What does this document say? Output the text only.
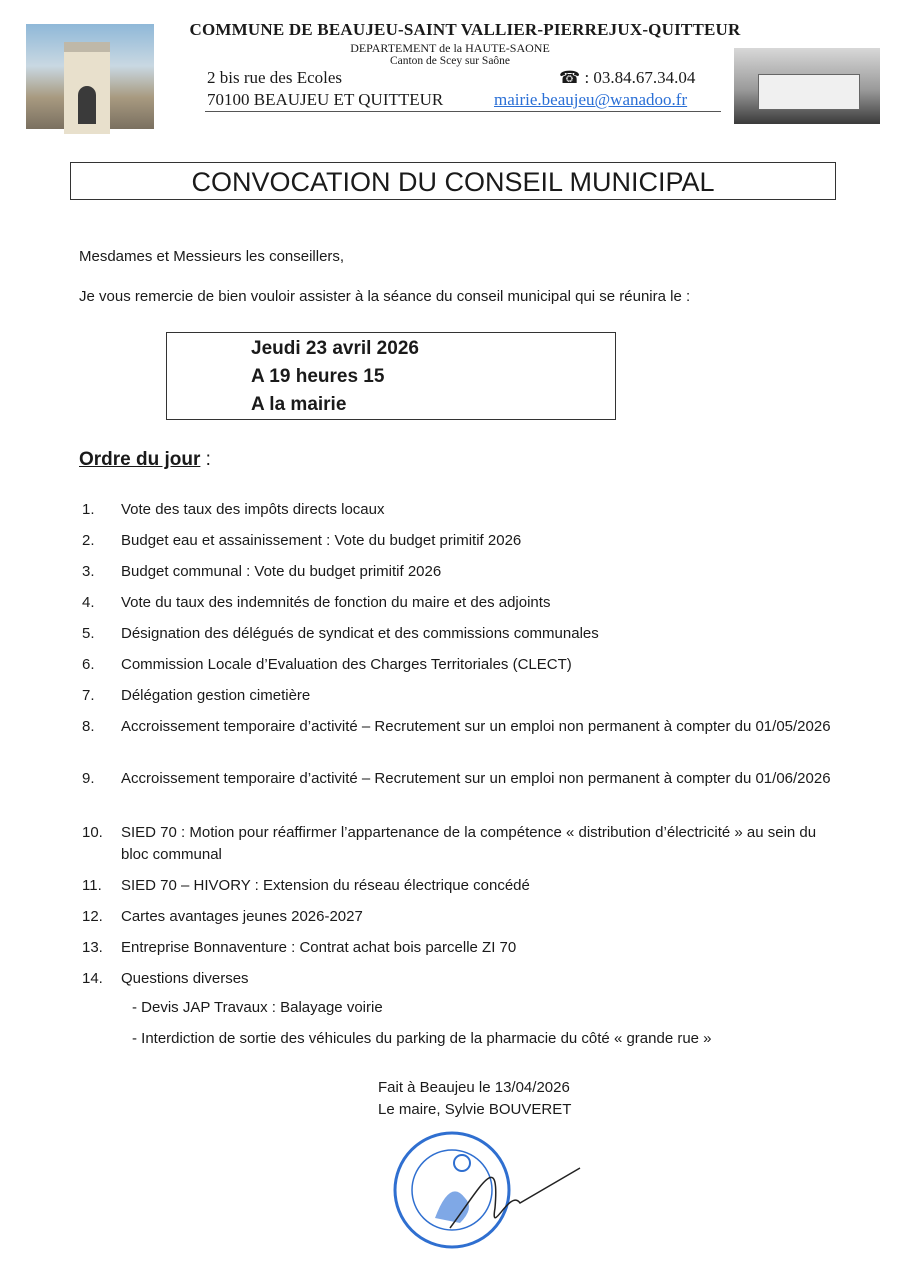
COMMUNE DE BEAUJEU-SAINT VALLIER-PIERREJUX-QUITTEUR
DEPARTEMENT de la HAUTE-SAONE
Canton de Scey sur Saône
2 bis rue des Ecoles
70100 BEAUJEU ET QUITTEUR
☎ : 03.84.67.34.04
mairie.beaujeu@wanadoo.fr
CONVOCATION DU CONSEIL MUNICIPAL
Mesdames et Messieurs les conseillers,
Je vous remercie de bien vouloir assister à la séance du conseil municipal qui se réunira le :
Jeudi 23 avril 2026
A 19 heures 15
A la mairie
Ordre du jour :
1.	Vote des taux des impôts directs locaux
2.	Budget eau et assainissement : Vote du budget primitif 2026
3.	Budget communal : Vote du budget primitif 2026
4.	Vote du taux des indemnités de fonction du maire et des adjoints
5.	Désignation des délégués de syndicat et des commissions communales
6.	Commission Locale d’Evaluation des Charges Territoriales (CLECT)
7.	Délégation gestion cimetière
8.	Accroissement temporaire d’activité – Recrutement sur un emploi non permanent à compter du 01/05/2026
9.	Accroissement temporaire d’activité – Recrutement sur un emploi non permanent à compter du 01/06/2026
10.	SIED 70 : Motion pour réaffirmer l’appartenance de la compétence « distribution d’électricité » au sein du bloc communal
11.	SIED 70 – HIVORY : Extension du réseau électrique concédé
12.	Cartes avantages jeunes 2026-2027
13.	Entreprise Bonnaventure : Contrat achat bois parcelle ZI 70
14.	Questions diverses
- Devis JAP Travaux : Balayage voirie
- Interdiction de sortie des véhicules du parking de la pharmacie du côté « grande rue »
Fait à Beaujeu le 13/04/2026
Le maire, Sylvie BOUVERET
